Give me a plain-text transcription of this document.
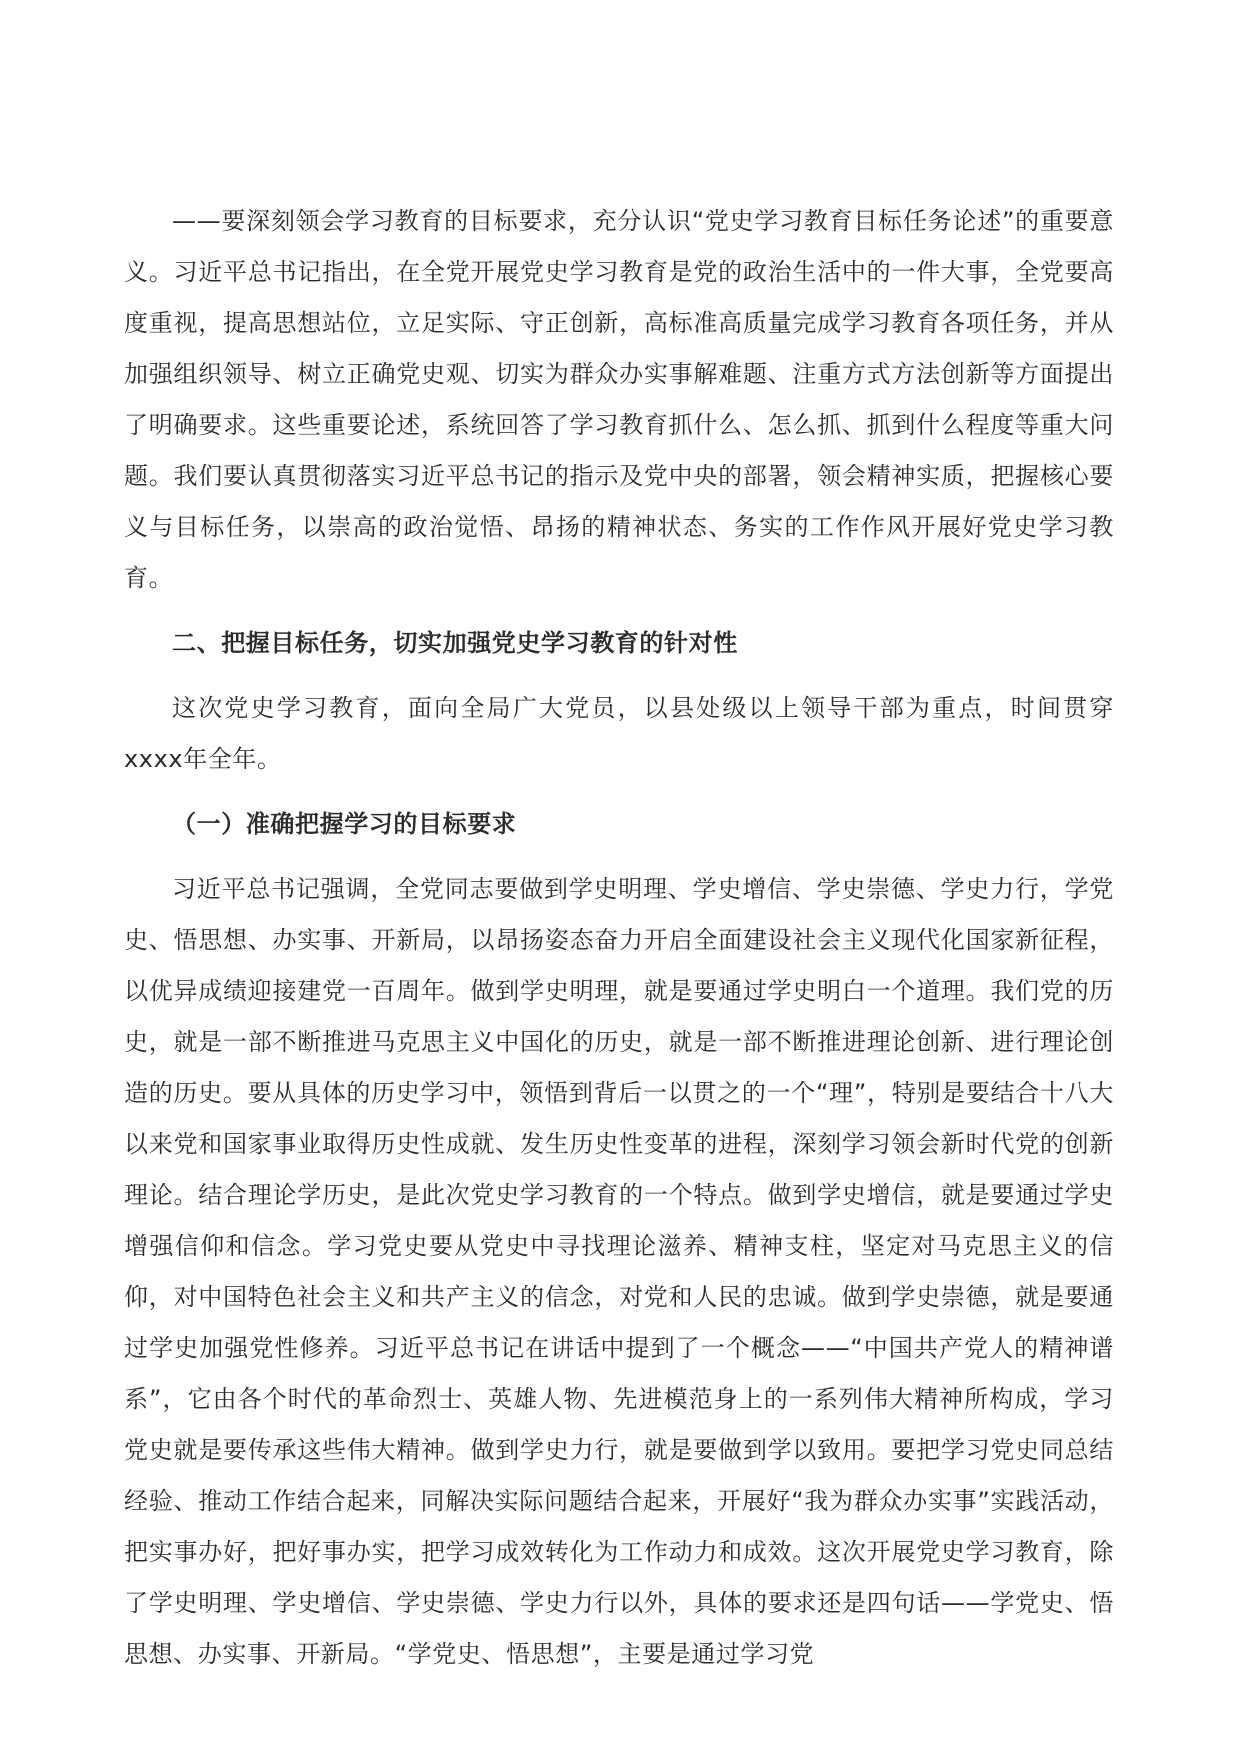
——要深刻领会学习教育的目标要求，充分认识“党史学习教育目标任务论述”的重要意义。习近平总书记指出，在全党开展党史学习教育是党的政治生活中的一件大事，全党要高度重视，提高思想站位，立足实际、守正创新，高标准高质量完成学习教育各项任务，并从加强组织领导、树立正确党史观、切实为群众办实事解难题、注重方式方法创新等方面提出了明确要求。这些重要论述，系统回答了学习教育抓什么、怎么抓、抓到什么程度等重大问题。我们要认真贯彻落实习近平总书记的指示及党中央的部署，领会精神实质，把握核心要义与目标任务，以崇高的政治觉悟、昂扬的精神状态、务实的工作作风开展好党史学习教育。

二、把握目标任务，切实加强党史学习教育的针对性

这次党史学习教育，面向全局广大党员，以县处级以上领导干部为重点，时间贯穿xxxx年全年。

（一）准确把握学习的目标要求

习近平总书记强调，全党同志要做到学史明理、学史增信、学史崇德、学史力行，学党史、悟思想、办实事、开新局，以昂扬姿态奋力开启全面建设社会主义现代化国家新征程，以优异成绩迎接建党一百周年。做到学史明理，就是要通过学史明白一个道理。我们党的历史，就是一部不断推进马克思主义中国化的历史，就是一部不断推进理论创新、进行理论创造的历史。要从具体的历史学习中，领悟到背后一以贯之的一个“理”，特别是要结合十八大以来党和国家事业取得历史性成就、发生历史性变革的进程，深刻学习领会新时代党的创新理论。结合理论学历史，是此次党史学习教育的一个特点。做到学史增信，就是要通过学史增强信仰和信念。学习党史要从党史中寻找理论滋养、精神支柱，坚定对马克思主义的信仰，对中国特色社会主义和共产主义的信念，对党和人民的忠诚。做到学史崇德，就是要通过学史加强党性修养。习近平总书记在讲话中提到了一个概念——“中国共产党人的精神谱系”，它由各个时代的革命烈士、英雄人物、先进模范身上的一系列伟大精神所构成，学习党史就是要传承这些伟大精神。做到学史力行，就是要做到学以致用。要把学习党史同总结经验、推动工作结合起来，同解决实际问题结合起来，开展好“我为群众办实事”实践活动，把实事办好，把好事办实，把学习成效转化为工作动力和成效。这次开展党史学习教育，除了学史明理、学史增信、学史崇德、学史力行以外，具体的要求还是四句话——学党史、悟思想、办实事、开新局。“学党史、悟思想”，主要是通过学习党
